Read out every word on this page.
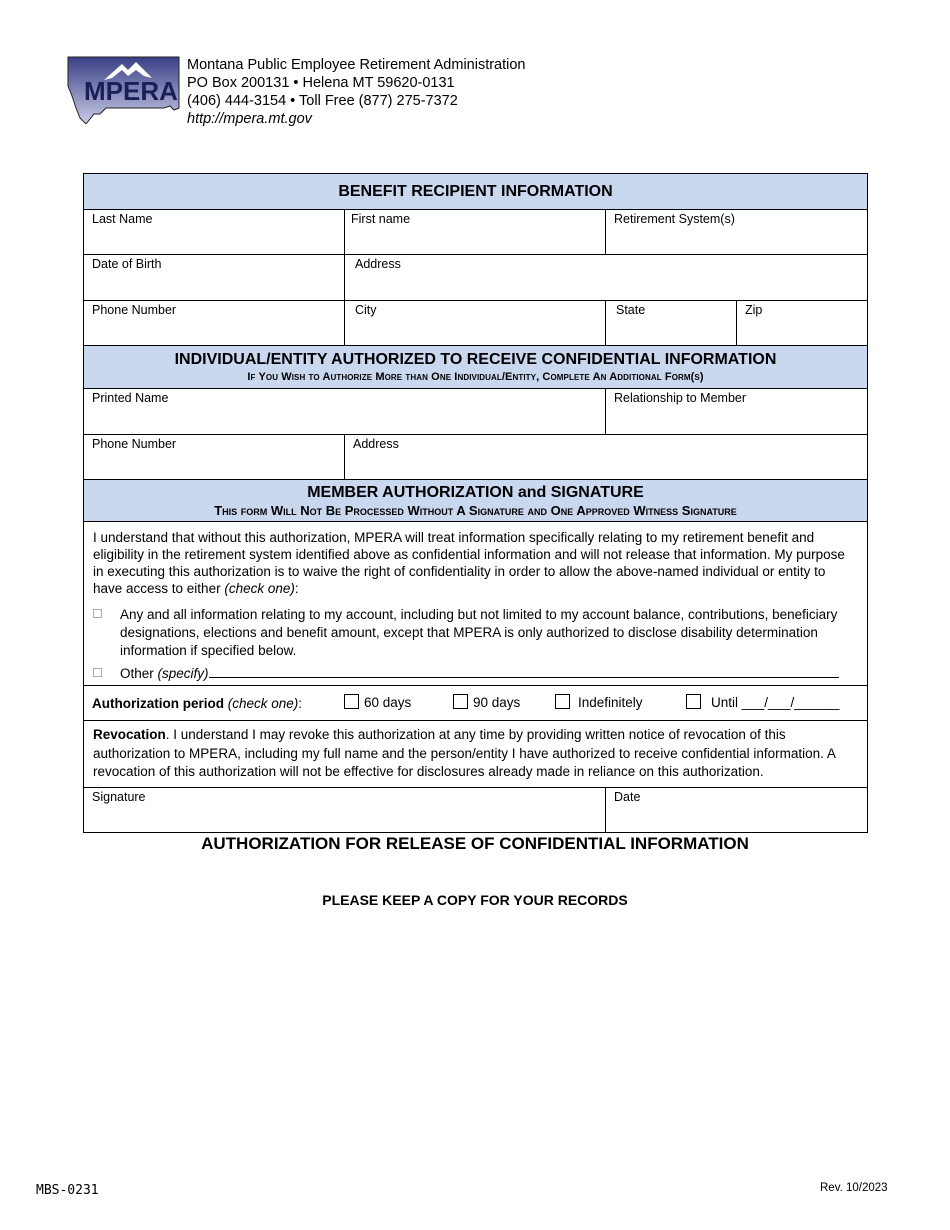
MPERA
Montana Public Employee Retirement Administration
PO Box 200131 • Helena MT 59620-0131
(406) 444-3154 • Toll Free (877) 275-7372
http://mpera.mt.gov
BENEFIT RECIPIENT INFORMATION			

Last Name	First name	Retirement System(s)	

Date of Birth	Address		

Phone Number	City	State	Zip

INDIVIDUAL/ENTITY AUTHORIZED TO RECEIVE CONFIDENTIAL INFORMATION
If You Wish to Authorize More than One Individual/Entity, Complete An Additional Form(s)			

Printed Name		Relationship to Member	

Phone Number	Address		

MEMBER AUTHORIZATION and SIGNATURE
This form Will Not Be Processed Without A Signature and One Approved Witness Signature			

I understand that without this authorization, MPERA will treat information specifically relating to my retirement benefit and eligibility in the retirement system identified above as confidential information and will not release that information. My purpose in executing this authorization is to waive the right of confidentiality in order to allow the above-named individual or entity to have access to either (check one):
Any and all information relating to my account, including but not limited to my account balance, contributions, beneficiary designations, elections and benefit amount, except that MPERA is only authorized to disclose disability determination information if specified below.
Other (specify)			

Authorization period (check one): 60 days 90 days Indefinitely Until ___/___/______			

Revocation. I understand I may revoke this authorization at any time by providing written notice of revocation of this authorization to MPERA, including my full name and the person/entity I have authorized to receive confidential information. A revocation of this authorization will not be effective for disclosures already made in reliance on this authorization.			

Signature		Date	
AUTHORIZATION FOR RELEASE OF CONFIDENTIAL INFORMATION
PLEASE KEEP A COPY FOR YOUR RECORDS
MBS-0231	Rev. 10/2023
